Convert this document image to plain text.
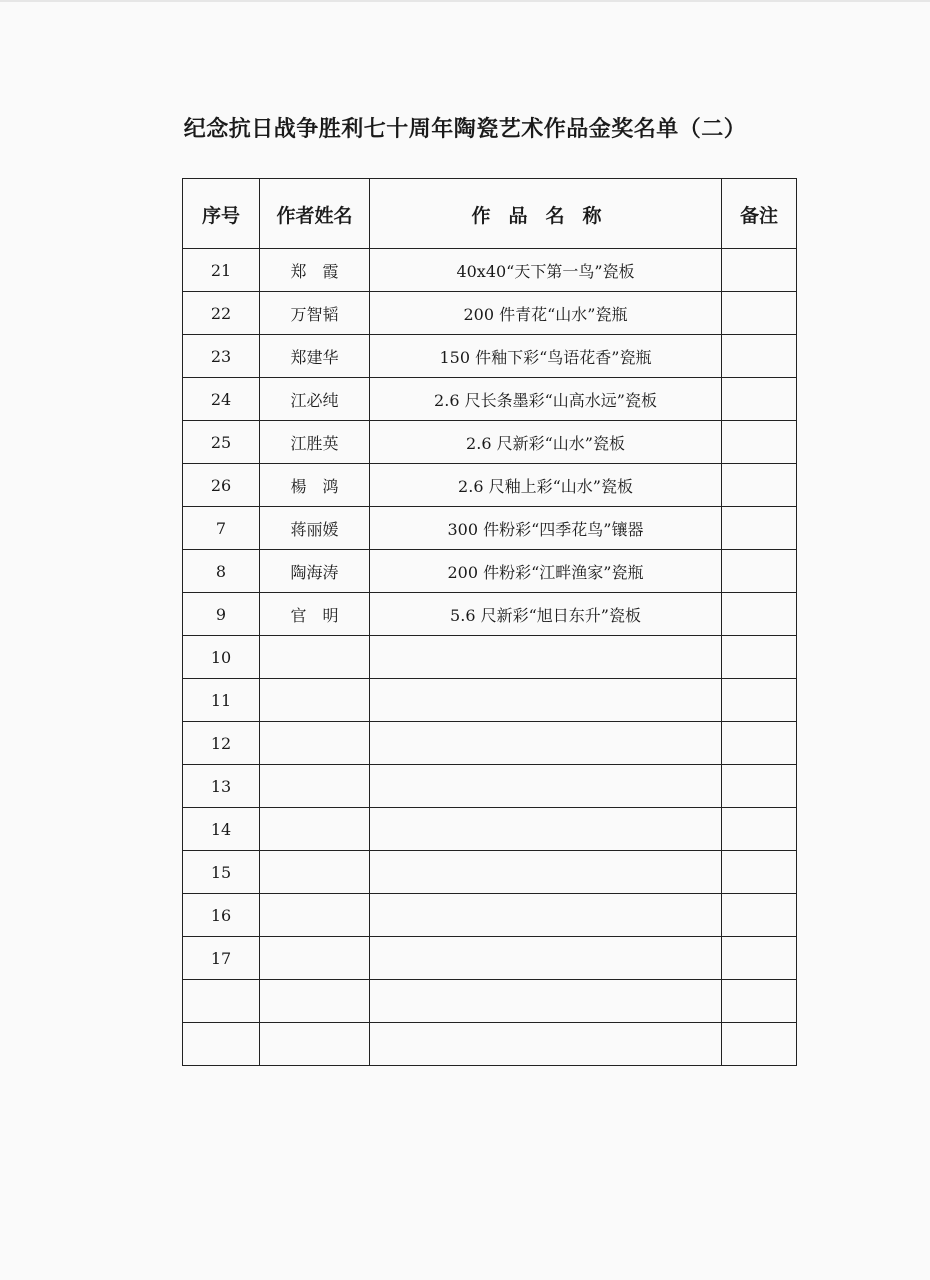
纪念抗日战争胜利七十周年陶瓷艺术作品金奖名单（二）
序号	作者姓名	作品名称	备注
21	郑　霞	40x40“天下第一鸟”瓷板	
22	万智韬	200 件青花“山水”瓷瓶	
23	郑建华	150 件釉下彩“鸟语花香”瓷瓶	
24	江必纯	2.6 尺长条墨彩“山高水远”瓷板	
25	江胜英	2.6 尺新彩“山水”瓷板	
26	楊　鸿	2.6 尺釉上彩“山水”瓷板	
7	蒋丽媛	300 件粉彩“四季花鸟”镶器	
8	陶海涛	200 件粉彩“江畔渔家”瓷瓶	
9	官　明	5.6 尺新彩“旭日东升”瓷板	
10			
11			
12			
13			
14			
15			
16			
17			
